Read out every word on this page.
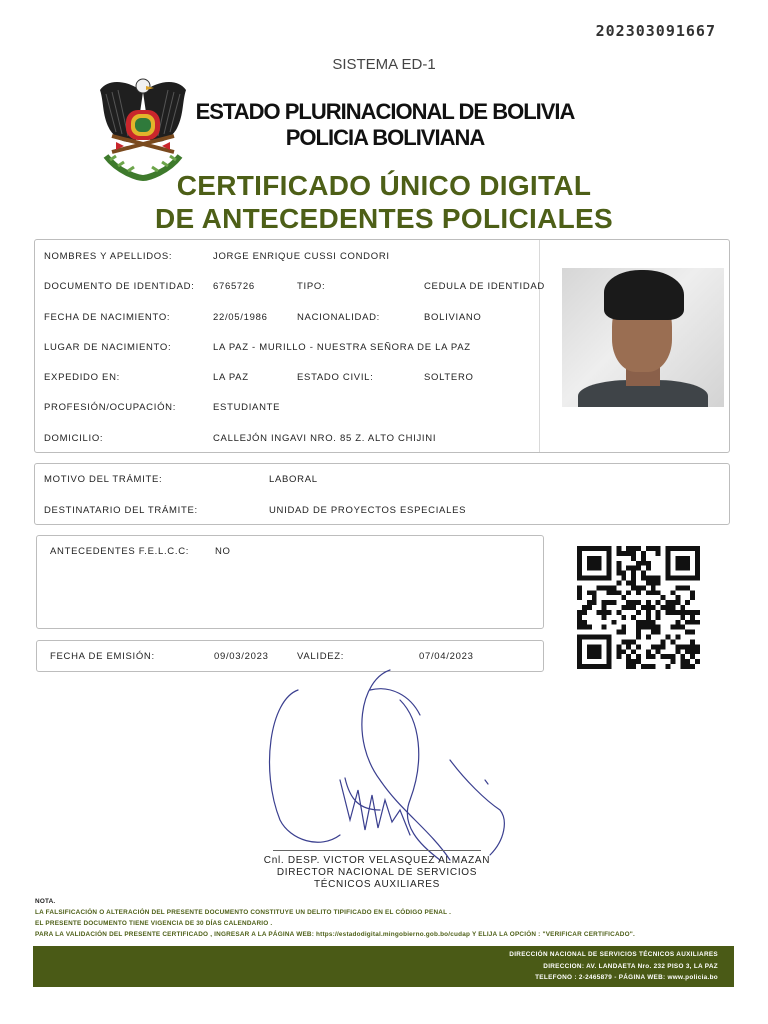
202303091667
SISTEMA ED-1
ESTADO PLURINACIONAL DE BOLIVIA
POLICIA BOLIVIANA
CERTIFICADO ÚNICO DIGITAL
DE ANTECEDENTES POLICIALES
NOMBRES Y APELLIDOS:	JORGE ENRIQUE CUSSI CONDORI
DOCUMENTO DE IDENTIDAD: 6765726	TIPO:	CEDULA DE IDENTIDAD
FECHA DE NACIMIENTO:	22/05/1986	NACIONALIDAD:	BOLIVIANO
LUGAR DE NACIMIENTO:	LA PAZ - MURILLO - NUESTRA SEÑORA DE LA PAZ
EXPEDIDO EN:	LA PAZ	ESTADO CIVIL:	SOLTERO
PROFESIÓN/OCUPACIÓN:	ESTUDIANTE
DOMICILIO:	CALLEJÓN INGAVI NRO. 85 Z. ALTO CHIJINI
MOTIVO DEL TRÁMITE:	LABORAL
DESTINATARIO DEL TRÁMITE:	UNIDAD DE PROYECTOS ESPECIALES
ANTECEDENTES F.E.L.C.C:	NO
FECHA DE EMISIÓN:	09/03/2023	VALIDEZ:	07/04/2023
Cnl. DESP. VICTOR VELASQUEZ ALMAZAN
DIRECTOR NACIONAL DE SERVICIOS
TÉCNICOS AUXILIARES
NOTA.
LA FALSIFICACIÓN O ALTERACIÓN DEL PRESENTE DOCUMENTO CONSTITUYE UN DELITO TIPIFICADO EN EL CÓDIGO PENAL .
EL PRESENTE DOCUMENTO TIENE VIGENCIA DE 30 DÍAS CALENDARIO .
PARA LA VALIDACIÓN DEL PRESENTE CERTIFICADO , INGRESAR A LA PÁGINA WEB: https://estadodigital.mingobierno.gob.bo/cudap Y ELIJA LA OPCIÓN : "VERIFICAR CERTIFICADO".
DIRECCIÓN NACIONAL DE SERVICIOS TÉCNICOS AUXILIARES
DIRECCION: AV. LANDAETA Nro. 232 PISO 3, LA PAZ
TELEFONO : 2-2465879 - PÁGINA WEB: www.policia.bo
